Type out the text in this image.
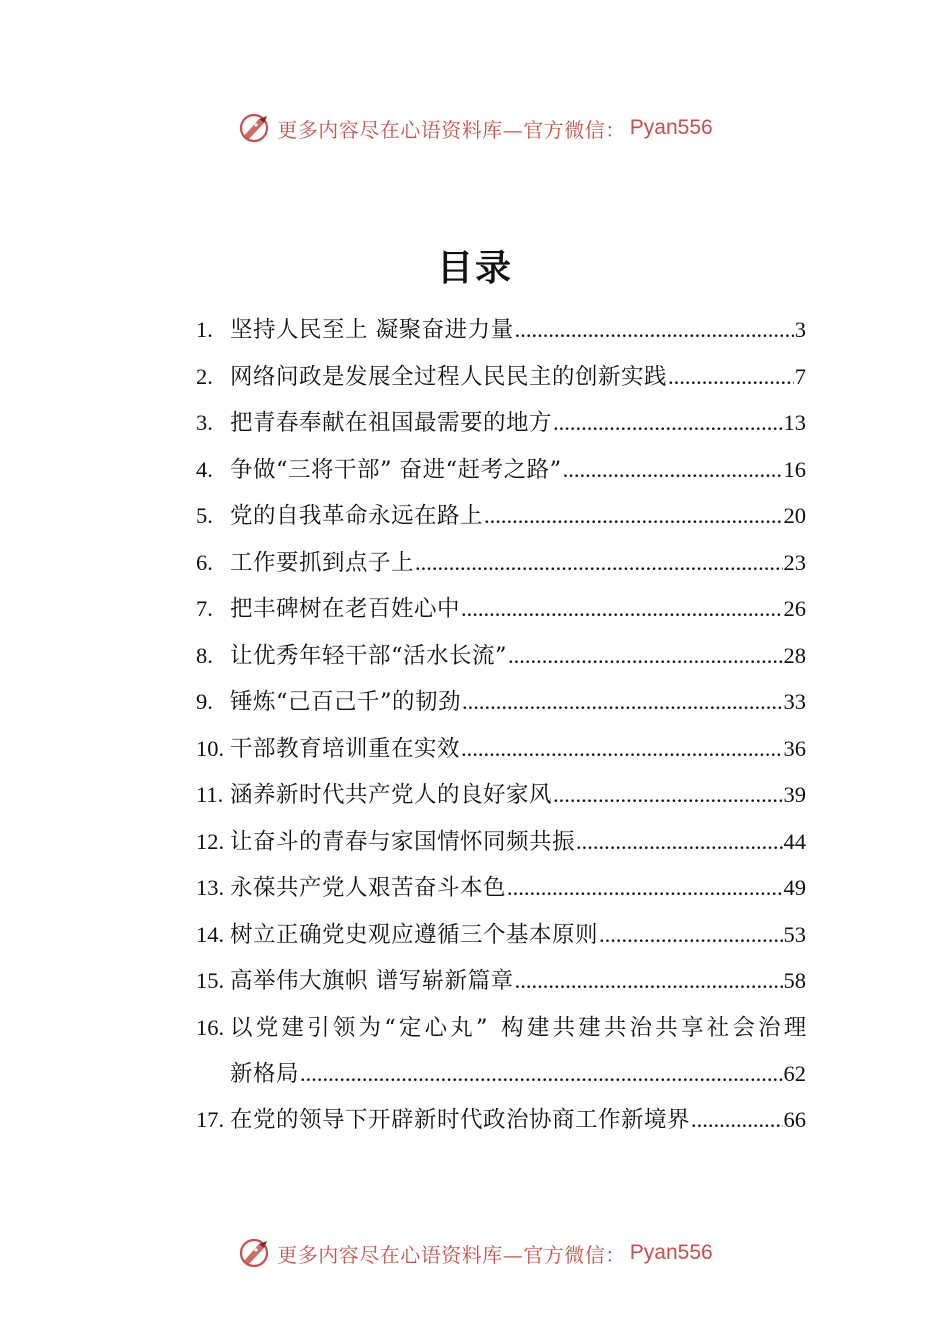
更多内容尽在心语资料库—官方微信： Pyan556
目录
1. 坚持人民至上 凝聚奋进力量 .....	3
2. 网络问政是发展全过程人民民主的创新实践 .....	7
3. 把青春奉献在祖国最需要的地方 .....	13
4. 争做“三将干部” 奋进“赶考之路” .....	16
5. 党的自我革命永远在路上 .....	20
6. 工作要抓到点子上 .....	23
7. 把丰碑树在老百姓心中 .....	26
8. 让优秀年轻干部“活水长流” .....	28
9. 锤炼“己百己千”的韧劲 .....	33
10. 干部教育培训重在实效 .....	36
11. 涵养新时代共产党人的良好家风 .....	39
12. 让奋斗的青春与家国情怀同频共振 .....	44
13. 永葆共产党人艰苦奋斗本色 .....	49
14. 树立正确党史观应遵循三个基本原则 .....	53
15. 高举伟大旗帜 谱写崭新篇章 .....	58
16. 以党建引领为“定心丸” 构建共建共治共享社会治理
新格局 .....	62
17. 在党的领导下开辟新时代政治协商工作新境界 .....	66
更多内容尽在心语资料库—官方微信： Pyan556
